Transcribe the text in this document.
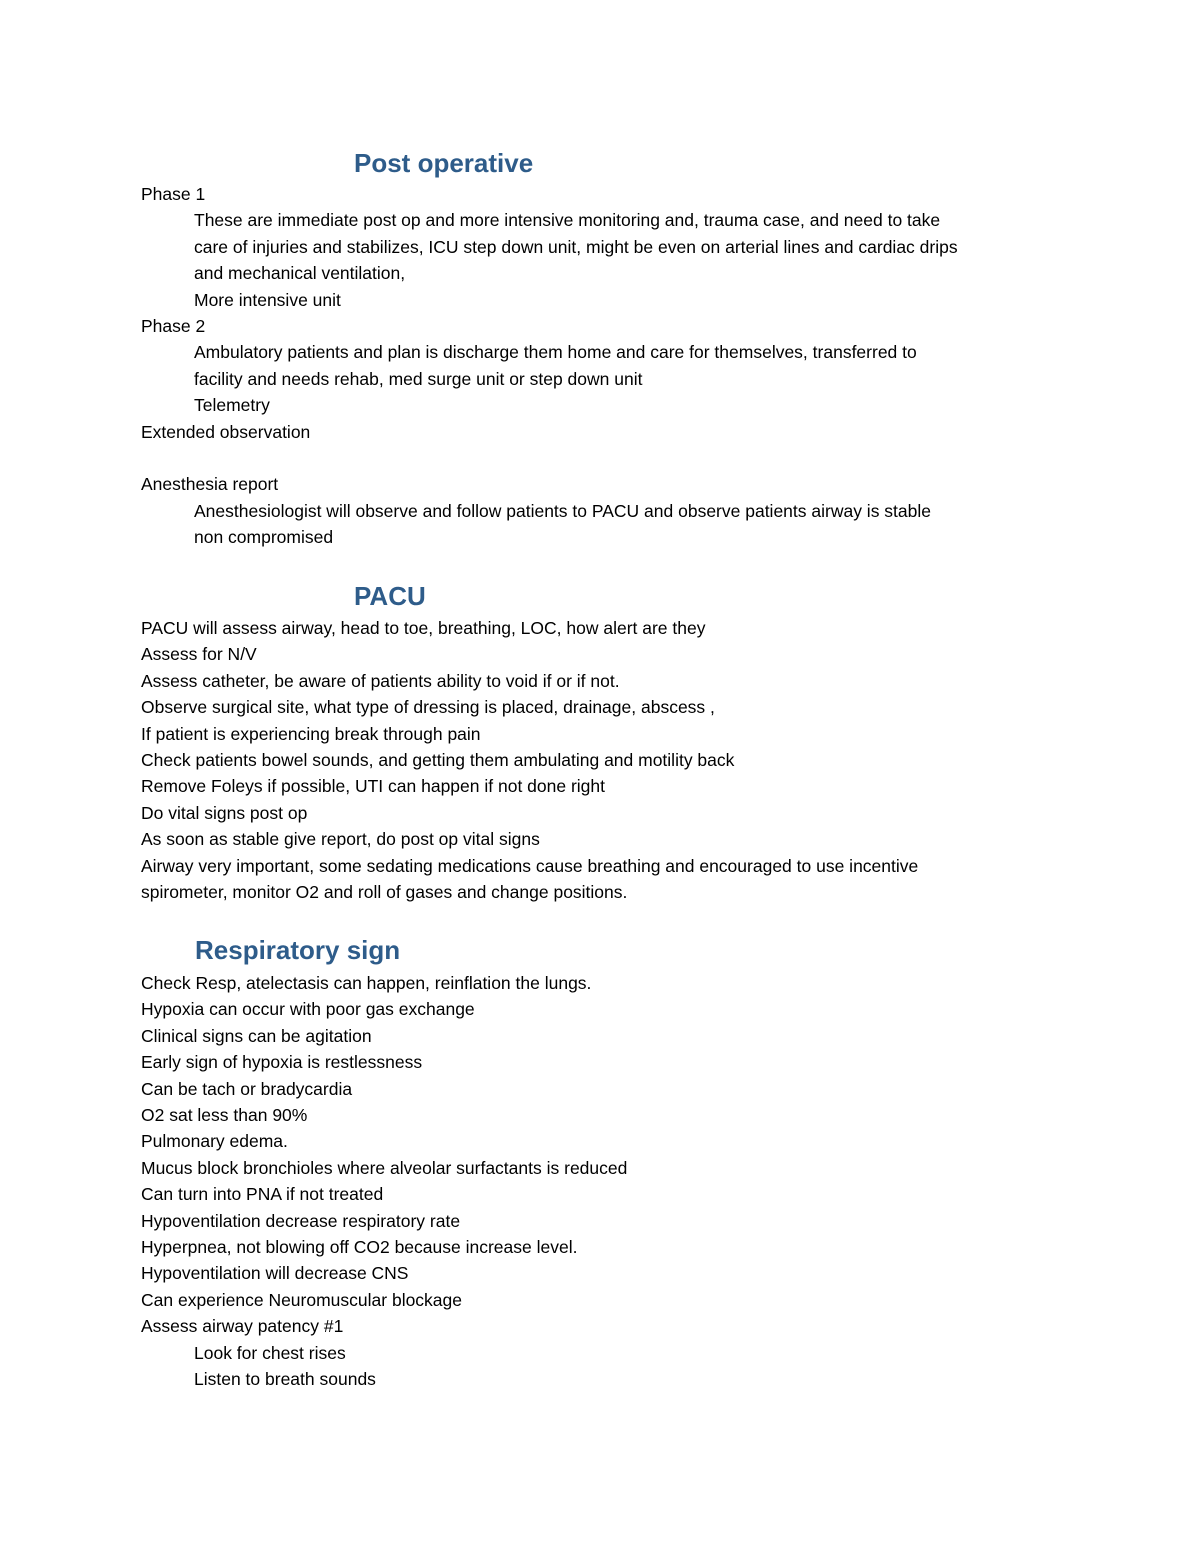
Post operative

Phase 1

These are immediate post op and more intensive monitoring and, trauma case, and need to take

care of injuries and stabilizes, ICU step down unit, might be even on arterial lines and cardiac drips

and mechanical ventilation,

More intensive unit

Phase 2

Ambulatory patients and plan is discharge them home and care for themselves, transferred to

facility and needs rehab, med surge unit or step down unit

Telemetry

Extended observation

Anesthesia report

Anesthesiologist will observe and follow patients to PACU and observe patients airway is stable

non compromised

PACU

PACU will assess airway, head to toe, breathing, LOC, how alert are they

Assess for N/V

Assess catheter, be aware of patients ability to void if or if not.

Observe surgical site, what type of dressing is placed, drainage, abscess ,

If patient is experiencing break through pain

Check patients bowel sounds, and getting them ambulating and motility back

Remove Foleys if possible, UTI can happen if not done right

Do vital signs post op

As soon as stable give report, do post op vital signs

Airway very important, some sedating medications cause breathing and encouraged to use incentive

spirometer, monitor O2 and roll of gases and change positions.

Respiratory sign

Check Resp, atelectasis can happen, reinflation the lungs.

Hypoxia can occur with poor gas exchange

Clinical signs can be agitation

Early sign of hypoxia is restlessness

Can be tach or bradycardia

O2 sat less than 90%

Pulmonary edema.

Mucus block bronchioles where alveolar surfactants is reduced

Can turn into PNA if not treated

Hypoventilation decrease respiratory rate

Hyperpnea, not blowing off CO2 because increase level.

Hypoventilation will decrease CNS

Can experience Neuromuscular blockage

Assess airway patency #1

Look for chest rises

Listen to breath sounds
